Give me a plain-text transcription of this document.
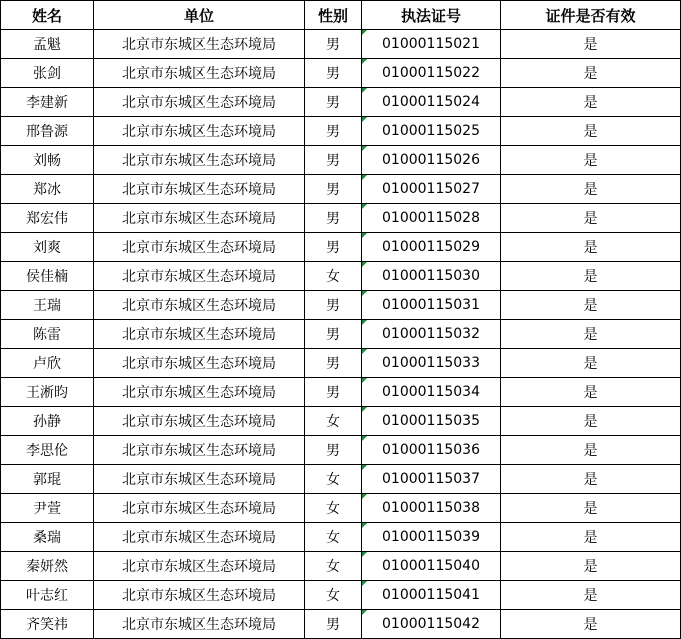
姓名	单位	性别	执法证号	证件是否有效
孟魁	北京市东城区生态环境局	男	01000115021	是
张剑	北京市东城区生态环境局	男	01000115022	是
李建新	北京市东城区生态环境局	男	01000115024	是
邢鲁源	北京市东城区生态环境局	男	01000115025	是
刘畅	北京市东城区生态环境局	男	01000115026	是
郑冰	北京市东城区生态环境局	男	01000115027	是
郑宏伟	北京市东城区生态环境局	男	01000115028	是
刘爽	北京市东城区生态环境局	男	01000115029	是
侯佳楠	北京市东城区生态环境局	女	01000115030	是
王瑞	北京市东城区生态环境局	男	01000115031	是
陈雷	北京市东城区生态环境局	男	01000115032	是
卢欣	北京市东城区生态环境局	男	01000115033	是
王淅昀	北京市东城区生态环境局	男	01000115034	是
孙静	北京市东城区生态环境局	女	01000115035	是
李思伦	北京市东城区生态环境局	男	01000115036	是
郭琨	北京市东城区生态环境局	女	01000115037	是
尹萱	北京市东城区生态环境局	女	01000115038	是
桑瑞	北京市东城区生态环境局	女	01000115039	是
秦妍然	北京市东城区生态环境局	女	01000115040	是
叶志红	北京市东城区生态环境局	女	01000115041	是
齐笑祎	北京市东城区生态环境局	男	01000115042	是
